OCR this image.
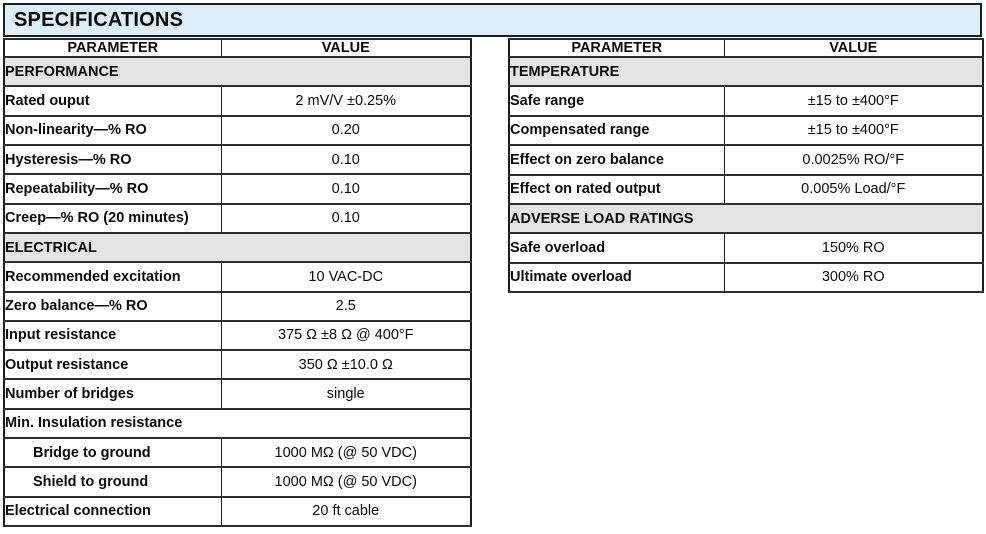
SPECIFICATIONS
PARAMETER	VALUE
PERFORMANCE	
Rated ouput	2 mV/V ±0.25%
Non-linearity—% RO	0.20
Hysteresis—% RO	0.10
Repeatability—% RO	0.10
Creep—% RO (20 minutes)	0.10
ELECTRICAL	
Recommended excitation	10 VAC-DC
Zero balance—% RO	2.5
Input resistance	375 Ω ±8 Ω @ 400°F
Output resistance	350 Ω ±10.0 Ω
Number of bridges	single
Min. Insulation resistance	
Bridge to ground	1000 MΩ (@ 50 VDC)
Shield to ground	1000 MΩ (@ 50 VDC)
Electrical connection	20 ft cable
PARAMETER	VALUE
TEMPERATURE	
Safe range	±15 to ±400°F
Compensated range	±15 to ±400°F
Effect on zero balance	0.0025% RO/°F
Effect on rated output	0.005% Load/°F
ADVERSE LOAD RATINGS	
Safe overload	150% RO
Ultimate overload	300% RO
